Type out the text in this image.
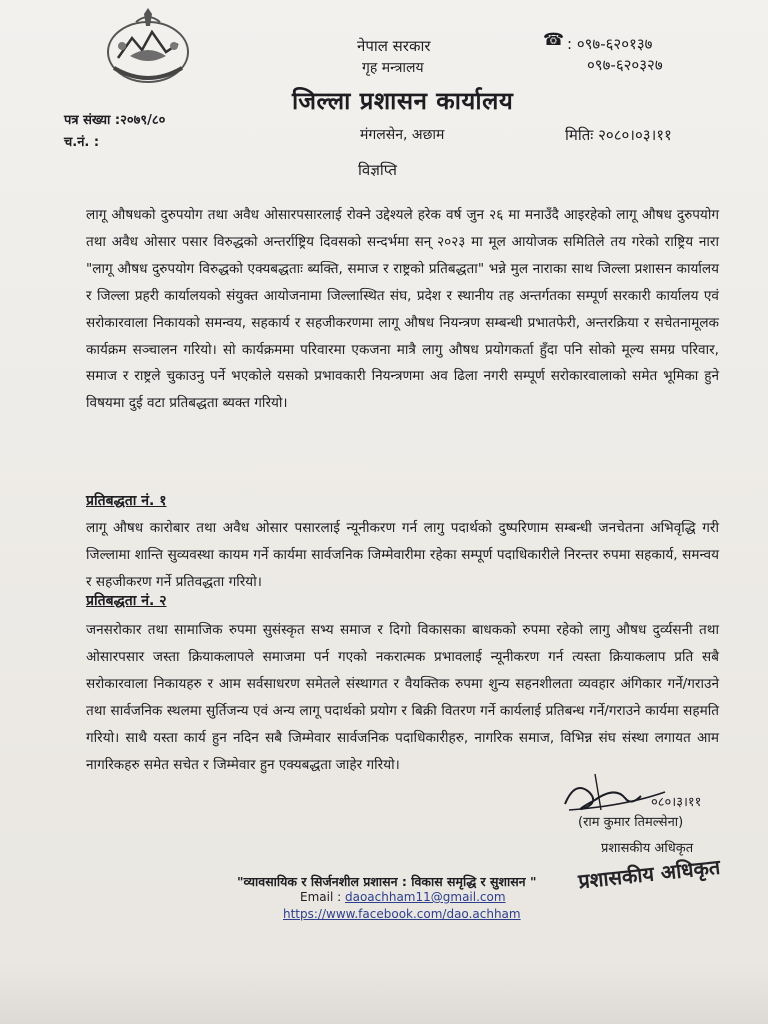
नेपाल सरकार
गृह मन्त्रालय
जिल्ला प्रशासन कार्यालय
मंगलसेन, अछाम
☎ : ०९७-६२०१३७
०९७-६२०३२७
पत्र संख्या :२०७९/८०
च.नं. :	मितिः २०८०।०३।११
विज्ञप्ति
लागू औषधको दुरुपयोग तथा अवैध ओसारपसारलाई रोक्ने उद्देश्यले हरेक वर्ष जुन २६ मा मनाउँदै आइरहेको लागू औषध दुरुपयोग तथा अवैध ओसार पसार विरुद्धको अन्तर्राष्ट्रिय दिवसको सन्दर्भमा सन् २०२३ मा मूल आयोजक समितिले तय गरेको राष्ट्रिय नारा "लागू औषध दुरुपयोग विरुद्धको एक्यबद्धताः ब्यक्ति, समाज र राष्ट्रको प्रतिबद्धता" भन्ने मुल नाराका साथ जिल्ला प्रशासन कार्यालय र जिल्ला प्रहरी कार्यालयको संयुक्त आयोजनामा जिल्लास्थित संघ, प्रदेश र स्थानीय तह अन्तर्गतका सम्पूर्ण सरकारी कार्यालय एवं सरोकारवाला निकायको समन्वय, सहकार्य र सहजीकरणमा लागू औषध नियन्त्रण सम्बन्धी प्रभातफेरी, अन्तरक्रिया र सचेतनामूलक कार्यक्रम सञ्चालन गरियो। सो कार्यक्रममा परिवारमा एकजना मात्रै लागु औषध प्रयोगकर्ता हुँदा पनि सोको मूल्य समग्र परिवार, समाज र राष्ट्रले चुकाउनु पर्ने भएकोले यसको प्रभावकारी नियन्त्रणमा अव ढिला नगरी सम्पूर्ण सरोकारवालाको समेत भूमिका हुने विषयमा दुई वटा प्रतिबद्धता ब्यक्त गरियो।
प्रतिबद्धता नं. १
लागू औषध कारोबार तथा अवैध ओसार पसारलाई न्यूनीकरण गर्न लागु पदार्थको दुष्परिणाम सम्बन्धी जनचेतना अभिवृद्धि गरी जिल्लामा शान्ति सुव्यवस्था कायम गर्ने कार्यमा सार्वजनिक जिम्मेवारीमा रहेका सम्पूर्ण पदाधिकारीले निरन्तर रुपमा सहकार्य, समन्वय र सहजीकरण गर्ने प्रतिवद्धता गरियो।
प्रतिबद्धता नं. २
जनसरोकार तथा सामाजिक रुपमा सुसंस्कृत सभ्य समाज र दिगो विकासका बाधकको रुपमा रहेको लागु औषध दुर्व्यसनी तथा ओसारपसार जस्ता क्रियाकलापले समाजमा पर्न गएको नकरात्मक प्रभावलाई न्यूनीकरण गर्न त्यस्ता क्रियाकलाप प्रति सबै सरोकारवाला निकायहरु र आम सर्वसाधरण समेतले संस्थागत र वैयक्तिक रुपमा शुन्य सहनशीलता व्यवहार अंगिकार गर्ने/गराउने तथा सार्वजनिक स्थलमा सुर्तिजन्य एवं अन्य लागू पदार्थको प्रयोग र बिक्री वितरण गर्ने कार्यलाई प्रतिबन्ध गर्ने/गराउने कार्यमा सहमति गरियो। साथै यस्ता कार्य हुन नदिन सबै जिम्मेवार सार्वजनिक पदाधिकारीहरु, नागरिक समाज, विभिन्न संघ संस्था लगायत आम नागरिकहरु समेत सचेत र जिम्मेवार हुन एक्यबद्धता जाहेर गरियो।
०८०।३।११
(राम कुमार तिमल्सेना)
प्रशासकीय अधिकृत
प्रशासकीय अधिकृत
"व्यावसायिक र सिर्जनशील प्रशासन : विकास समृद्धि र सुशासन "
Email : daoachham11@gmail.com
https://www.facebook.com/dao.achham
